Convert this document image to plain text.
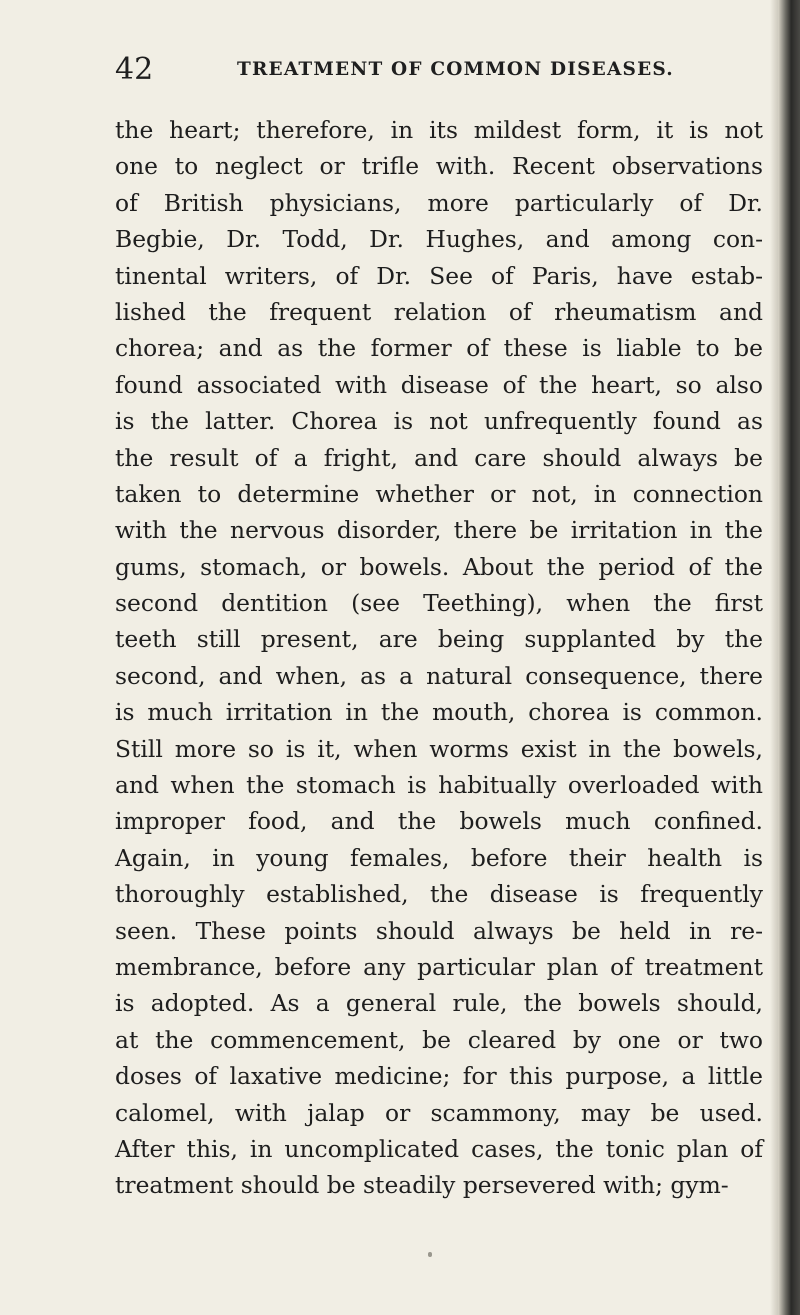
42	TREATMENT OF COMMON DISEASES.
the heart; therefore, in its mildest form, it is not
one to neglect or trifle with. Recent observations
of British physicians, more particularly of Dr.
Begbie, Dr. Todd, Dr. Hughes, and among con-
tinental writers, of Dr. See of Paris, have estab-
lished the frequent relation of rheumatism and
chorea; and as the former of these is liable to be
found associated with disease of the heart, so also
is the latter. Chorea is not unfrequently found as
the result of a fright, and care should always be
taken to determine whether or not, in connection
with the nervous disorder, there be irritation in the
gums, stomach, or bowels. About the period of the
second dentition (see Teething), when the first
teeth still present, are being supplanted by the
second, and when, as a natural consequence, there
is much irritation in the mouth, chorea is common.
Still more so is it, when worms exist in the bowels,
and when the stomach is habitually overloaded with
improper food, and the bowels much confined.
Again, in young females, before their health is
thoroughly established, the disease is frequently
seen. These points should always be held in re-
membrance, before any particular plan of treatment
is adopted. As a general rule, the bowels should,
at the commencement, be cleared by one or two
doses of laxative medicine; for this purpose, a little
calomel, with jalap or scammony, may be used.
After this, in uncomplicated cases, the tonic plan of
treatment should be steadily persevered with; gym-
